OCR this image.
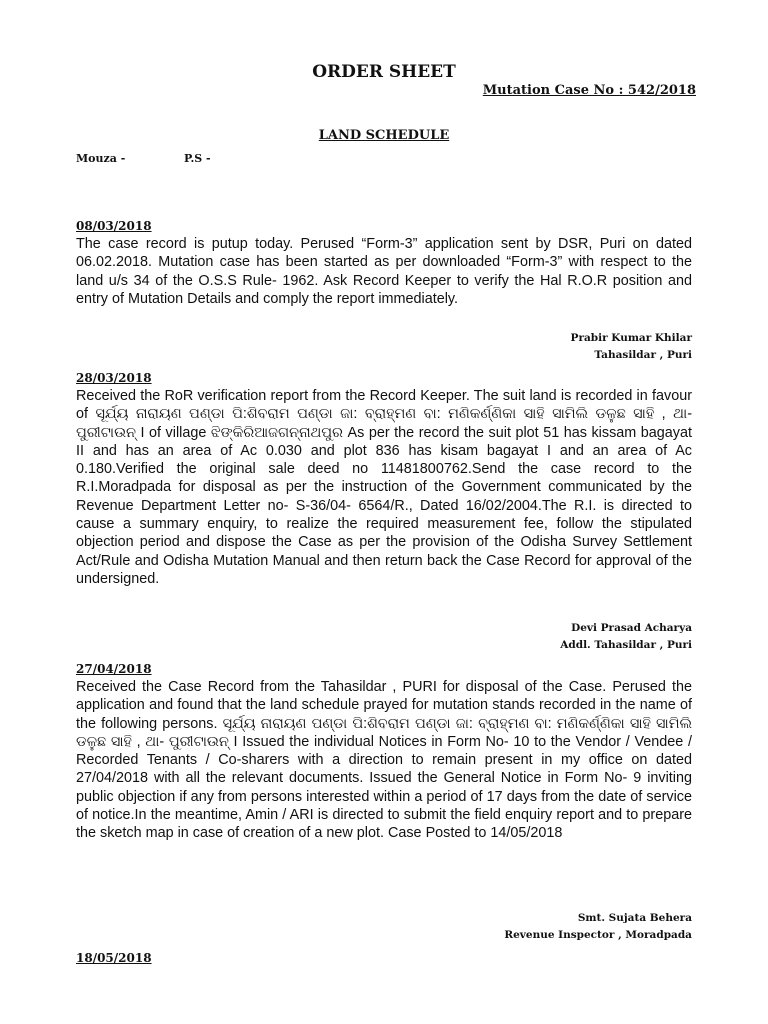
ORDER SHEET
Mutation Case No : 542/2018
LAND SCHEDULE
Mouza -	P.S -
08/03/2018
The case record is putup today. Perused “Form-3” application sent by DSR, Puri on dated 06.02.2018. Mutation case has been started as per downloaded “Form-3” with respect to the land u/s 34 of the O.S.S Rule- 1962. Ask Record Keeper to verify the Hal R.O.R position and entry of Mutation Details and comply the report immediately.
Prabir Kumar Khilar
Tahasildar , Puri
28/03/2018
Received the RoR verification report from the Record Keeper. The suit land is recorded in favour of ସୂର୍ଯ୍ୟ ନାରାୟଣ ପଣ୍ଡା ପି:ଶିବରାମ ପଣ୍ଡା ଜା: ବ୍ରାହ୍ମଣ ବା: ମଣିକର୍ଣ୍ଣିକା ସାହି ସାମିଲି ଡଳୁଛ ସାହି , ଥା- ପୁରୀଟାଉନ୍ I of village ଝିଙ୍କିରିଆଜଗନ୍ନାଥପୁର As per the record the suit plot 51 has kissam bagayat II and has an area of Ac 0.030 and plot 836 has kisam bagayat I and an area of Ac 0.180.Verified the original sale deed no 11481800762.Send the case record to the R.I.Moradpada for disposal as per the instruction of the Government communicated by the Revenue Department Letter no- S-36/04- 6564/R., Dated 16/02/2004.The R.I. is directed to cause a summary enquiry, to realize the required measurement fee, follow the stipulated objection period and dispose the Case as per the provision of the Odisha Survey Settlement Act/Rule and Odisha Mutation Manual and then return back the Case Record for approval of the undersigned.
Devi Prasad Acharya
Addl. Tahasildar , Puri
27/04/2018
Received the Case Record from the Tahasildar , PURI for disposal of the Case. Perused the application and found that the land schedule prayed for mutation stands recorded in the name of the following persons. ସୂର୍ଯ୍ୟ ନାରାୟଣ ପଣ୍ଡା ପି:ଶିବରାମ ପଣ୍ଡା ଜା: ବ୍ରାହ୍ମଣ ବା: ମଣିକର୍ଣ୍ଣିକା ସାହି ସାମିଲି ଡଳୁଛ ସାହି , ଥା- ପୁରୀଟାଉନ୍ I Issued the individual Notices in Form No- 10 to the Vendor / Vendee / Recorded Tenants / Co-sharers with a direction to remain present in my office on dated 27/04/2018 with all the relevant documents. Issued the General Notice in Form No- 9 inviting public objection if any from persons interested within a period of 17 days from the date of service of notice.In the meantime, Amin / ARI is directed to submit the field enquiry report and to prepare the sketch map in case of creation of a new plot. Case Posted to 14/05/2018
Smt. Sujata Behera
Revenue Inspector , Moradpada
18/05/2018
